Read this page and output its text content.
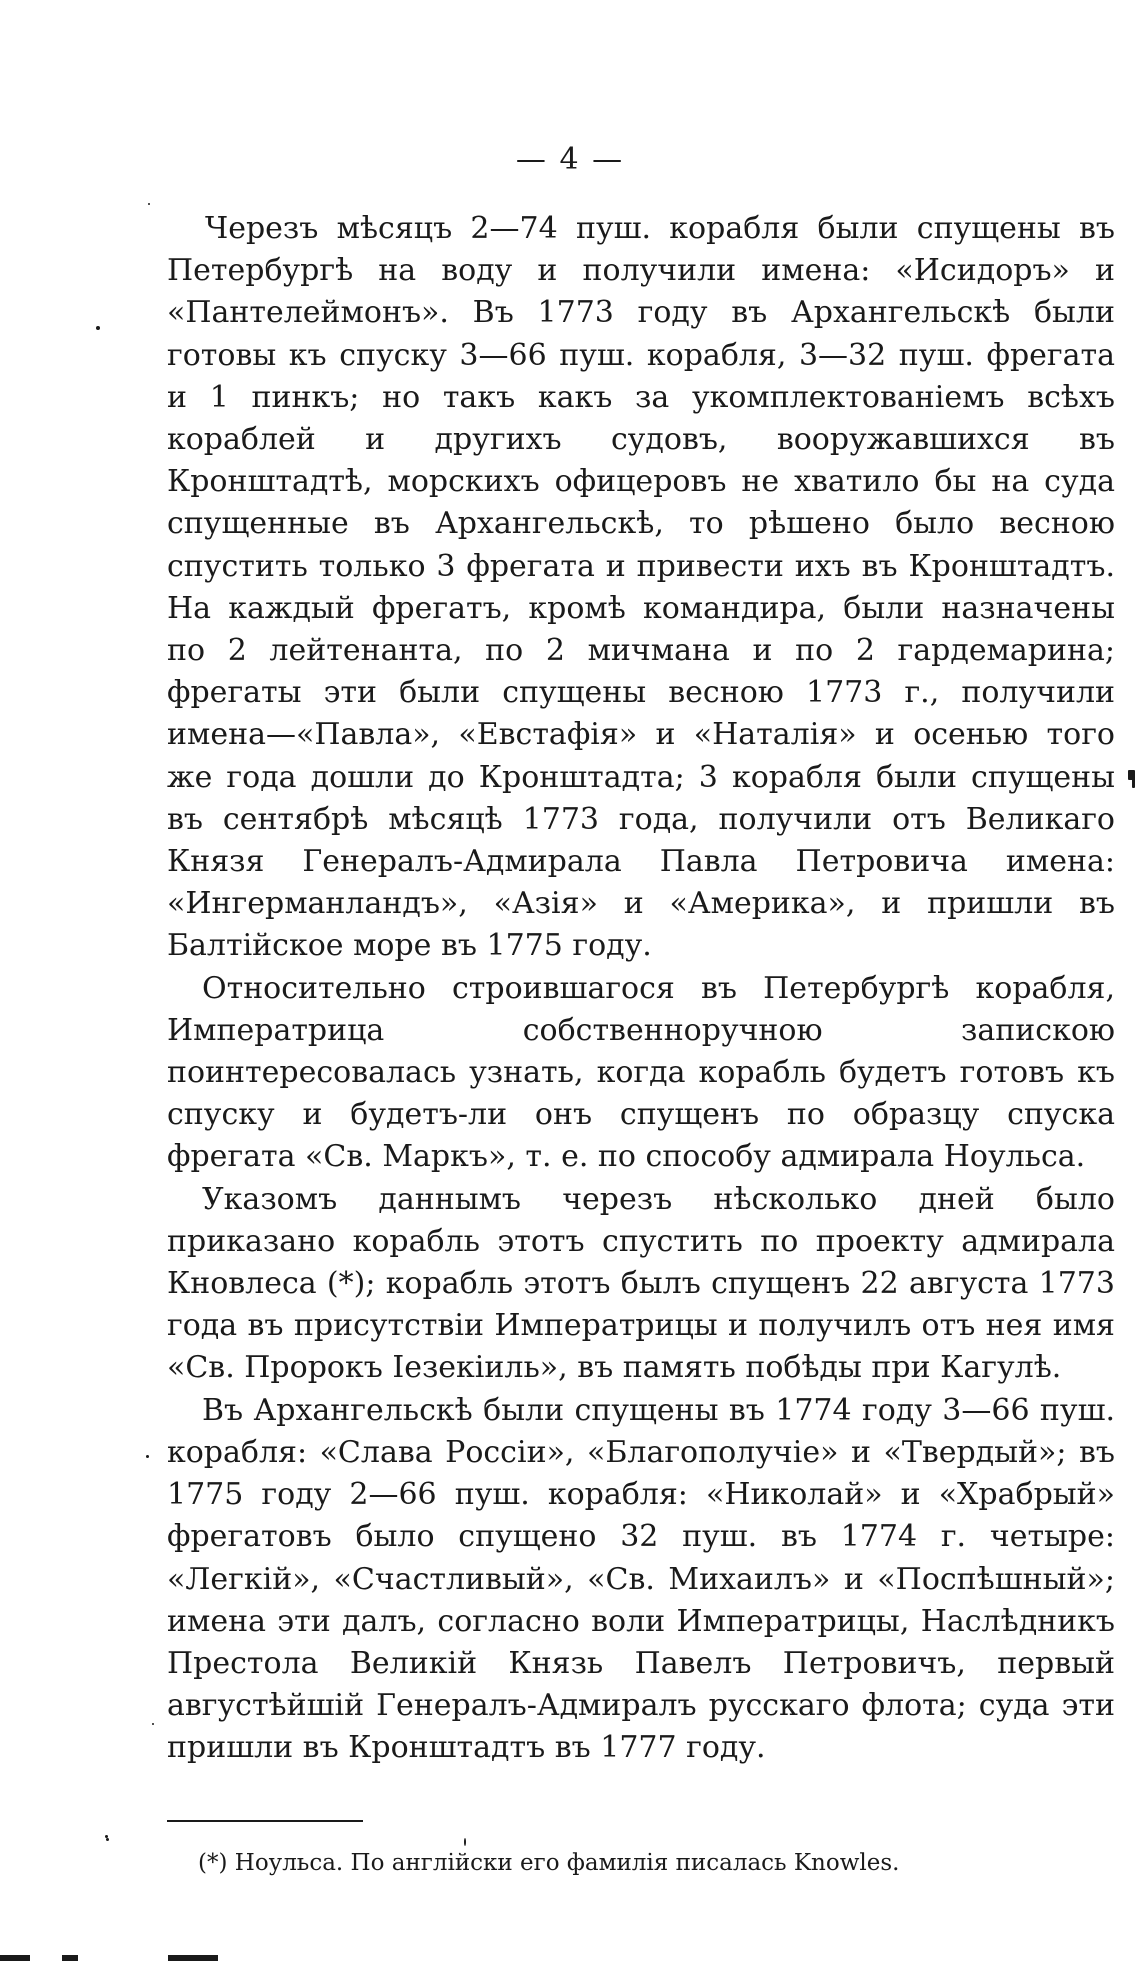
— 4 —

Черезъ мѣсяцъ 2—74 пуш. корабля были спущены въ Петербургѣ на воду и получили имена: «Исидоръ» и «Пантелеймонъ». Въ 1773 году въ Архангельскѣ были готовы къ спуску 3—66 пуш. корабля, 3—32 пуш. фрегата и 1 пинкъ; но такъ какъ за укомплектованіемъ всѣхъ кораблей и другихъ судовъ, вооружавшихся въ Кронштадтѣ, морскихъ офицеровъ не хватило бы на суда спущенные въ Архангельскѣ, то рѣшено было весною спустить только 3 фрегата и привести ихъ въ Кронштадтъ. На каждый фрегатъ, кромѣ командира, были назначены по 2 лейтенанта, по 2 мичмана и по 2 гардемарина; фрегаты эти были спущены весною 1773 г., получили имена—«Павла», «Евстафія» и «Наталія» и осенью того же года дошли до Кронштадта; 3 корабля были спущены въ сентябрѣ мѣсяцѣ 1773 года, получили отъ Великаго Князя Генералъ-Адмирала Павла Петровича имена: «Ингерманландъ», «Азія» и «Америка», и пришли въ Балтійское море въ 1775 году.

Относительно строившагося въ Петербургѣ корабля, Императрица собственноручною запискою поинтересовалась узнать, когда корабль будетъ готовъ къ спуску и будетъ-ли онъ спущенъ по образцу спуска фрегата «Св. Маркъ», т. е. по способу адмирала Ноульса.

Указомъ даннымъ черезъ нѣсколько дней было приказано корабль этотъ спустить по проекту адмирала Кновлеса (*); корабль этотъ былъ спущенъ 22 августа 1773 года въ присутствіи Императрицы и получилъ отъ нея имя «Св. Пророкъ Іезекіиль», въ память побѣды при Кагулѣ.

Въ Архангельскѣ были спущены въ 1774 году 3—66 пуш. корабля: «Слава Россіи», «Благополучіе» и «Твердый»; въ 1775 году 2—66 пуш. корабля: «Николай» и «Храбрый» фрегатовъ было спущено 32 пуш. въ 1774 г. четыре: «Легкій», «Счастливый», «Св. Михаилъ» и «Поспѣшный»; имена эти далъ, согласно воли Императрицы, Наслѣдникъ Престола Великій Князь Павелъ Петровичъ, первый августѣйшій Генералъ-Адмиралъ русскаго флота; суда эти пришли въ Кронштадтъ въ 1777 году.

(*) Ноульса. По англійски его фамилія писалась Knowles.
